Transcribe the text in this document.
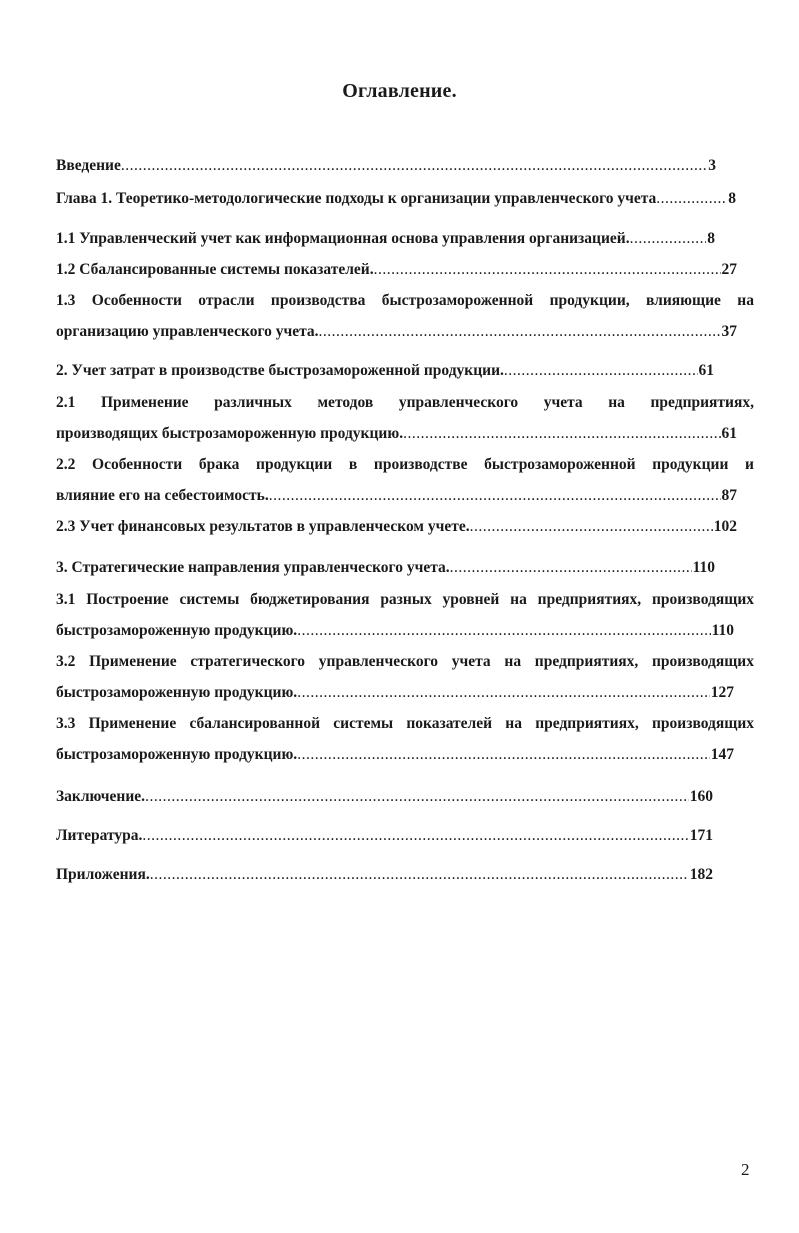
Оглавление.
Введение .....	3
Глава 1. Теоретико-методологические подходы к организации управленческого учета .....	8
1.1 Управленческий учет как информационная основа управления организацией. .....	8
1.2 Сбалансированные системы показателей. .....	27
1.3 Особенности отрасли производства быстрозамороженной продукции, влияющие на
организацию управленческого учета. .....	37
2. Учет затрат в производстве быстрозамороженной продукции. .....	61
2.1 Применение различных методов управленческого учета на предприятиях,
производящих быстрозамороженную продукцию. .....	61
2.2 Особенности брака продукции в производстве быстрозамороженной продукции и
влияние его на себестоимость. .....	87
2.3 Учет финансовых результатов в управленческом учете. .....	102
3. Стратегические направления управленческого учета. .....	110
3.1 Построение системы бюджетирования разных уровней на предприятиях, производящих
быстрозамороженную продукцию. .....	110
3.2 Применение стратегического управленческого учета на предприятиях, производящих
быстрозамороженную продукцию. .....	127
3.3 Применение сбалансированной системы показателей на предприятиях, производящих
быстрозамороженную продукцию. .....	147
Заключение. .....	160
Литература. .....	171
Приложения. .....	182
2
